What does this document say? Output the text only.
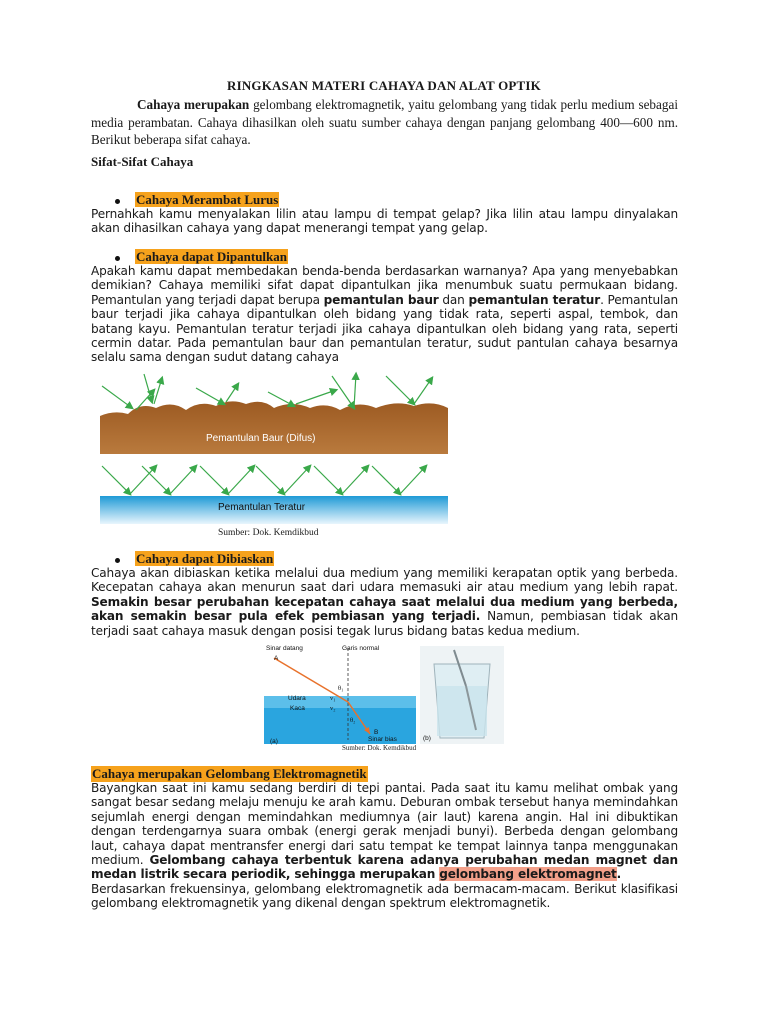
RINGKASAN MATERI CAHAYA DAN ALAT OPTIK
Cahaya merupakan gelombang elektromagnetik, yaitu gelombang yang tidak perlu medium sebagai media perambatan. Cahaya dihasilkan oleh suatu sumber cahaya dengan panjang gelombang 400—600 nm. Berikut beberapa sifat cahaya.
Sifat-Sifat Cahaya
Cahaya Merambat Lurus
Pernahkah kamu menyalakan lilin atau lampu di tempat gelap? Jika lilin atau lampu dinyalakan akan dihasilkan cahaya yang dapat menerangi tempat yang gelap.
Cahaya dapat Dipantulkan
Apakah kamu dapat membedakan benda-benda berdasarkan warnanya? Apa yang menyebabkan demikian? Cahaya memiliki sifat dapat dipantulkan jika menumbuk suatu permukaan bidang. Pemantulan yang terjadi dapat berupa pemantulan baur dan pemantulan teratur. Pemantulan baur terjadi jika cahaya dipantulkan oleh bidang yang tidak rata, seperti aspal, tembok, dan batang kayu. Pemantulan teratur terjadi jika cahaya dipantulkan oleh bidang yang rata, seperti cermin datar. Pada pemantulan baur dan pemantulan teratur, sudut pantulan cahaya besarnya selalu sama dengan sudut datang cahaya
Pemantulan Baur (Difus)
Pemantulan Teratur
Sumber: Dok. Kemdikbud
Cahaya dapat Dibiaskan
Cahaya akan dibiaskan ketika melalui dua medium yang memiliki kerapatan optik yang berbeda. Kecepatan cahaya akan menurun saat dari udara memasuki air atau medium yang lebih rapat. Semakin besar perubahan kecepatan cahaya saat melalui dua medium yang berbeda, akan semakin besar pula efek pembiasan yang terjadi. Namun, pembiasan tidak akan terjadi saat cahaya masuk dengan posisi tegak lurus bidang batas kedua medium.
Sinar datang	Garis normal
A
θ₁
v₁
Udara
Kaca	v₂
θ₂
B
Sinar bias
(a)	(b)
Sumber: Dok. Kemdikbud
Cahaya merupakan Gelombang Elektromagnetik
Bayangkan saat ini kamu sedang berdiri di tepi pantai. Pada saat itu kamu melihat ombak yang sangat besar sedang melaju menuju ke arah kamu. Deburan ombak tersebut hanya memindahkan sejumlah energi dengan memindahkan mediumnya (air laut) karena angin. Hal ini dibuktikan dengan terdengarnya suara ombak (energi gerak menjadi bunyi). Berbeda dengan gelombang laut, cahaya dapat mentransfer energi dari satu tempat ke tempat lainnya tanpa menggunakan medium. Gelombang cahaya terbentuk karena adanya perubahan medan magnet dan medan listrik secara periodik, sehingga merupakan gelombang elektromagnet.
Berdasarkan frekuensinya, gelombang elektromagnetik ada bermacam-macam. Berikut klasifikasi gelombang elektromagnetik yang dikenal dengan spektrum elektromagnetik.
